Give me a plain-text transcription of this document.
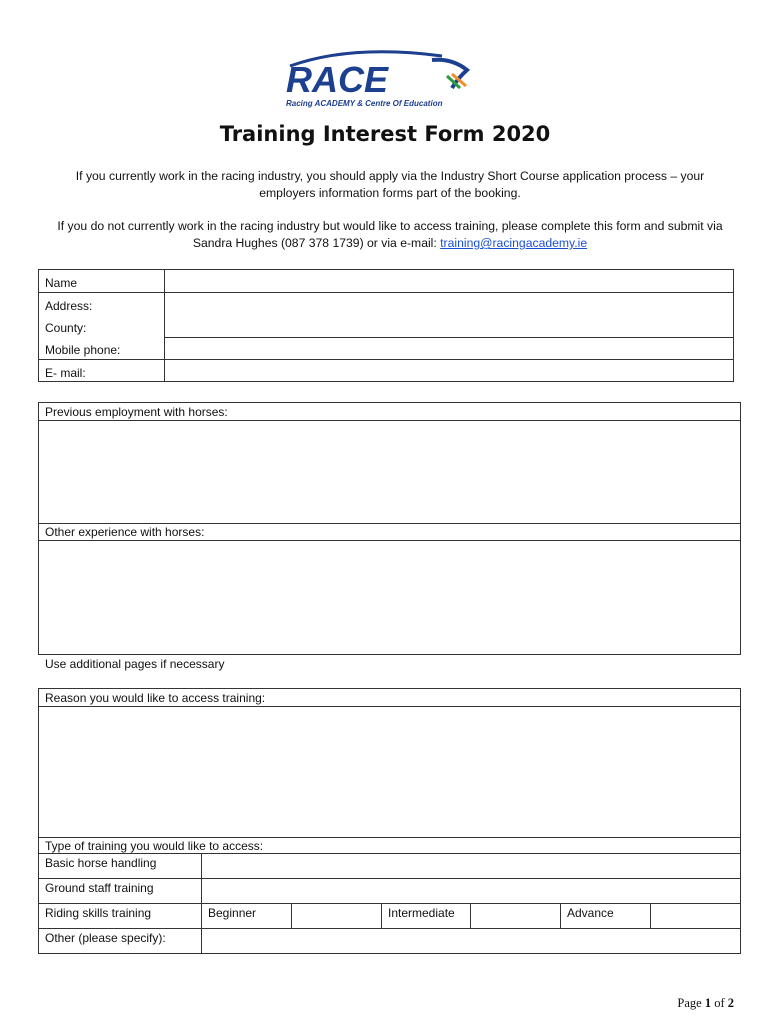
RACE
Racing ACADEMY & Centre Of Education
Training Interest Form 2020
If you currently work in the racing industry, you should apply via the Industry Short Course application process – your employers information forms part of the booking.
If you do not currently work in the racing industry but would like to access training, please complete this form and submit via Sandra Hughes (087 378 1739) or via e-mail: training@racingacademy.ie
Name
Address:
County:
Mobile phone:
E- mail:
Previous employment with horses:
Other experience with horses:
Use additional pages if necessary
Reason you would like to access training:
Type of training you would like to access:
Basic horse handling
Ground staff training
Riding skills training	Beginner	Intermediate	Advance
Other (please specify):
Page 1 of 2
